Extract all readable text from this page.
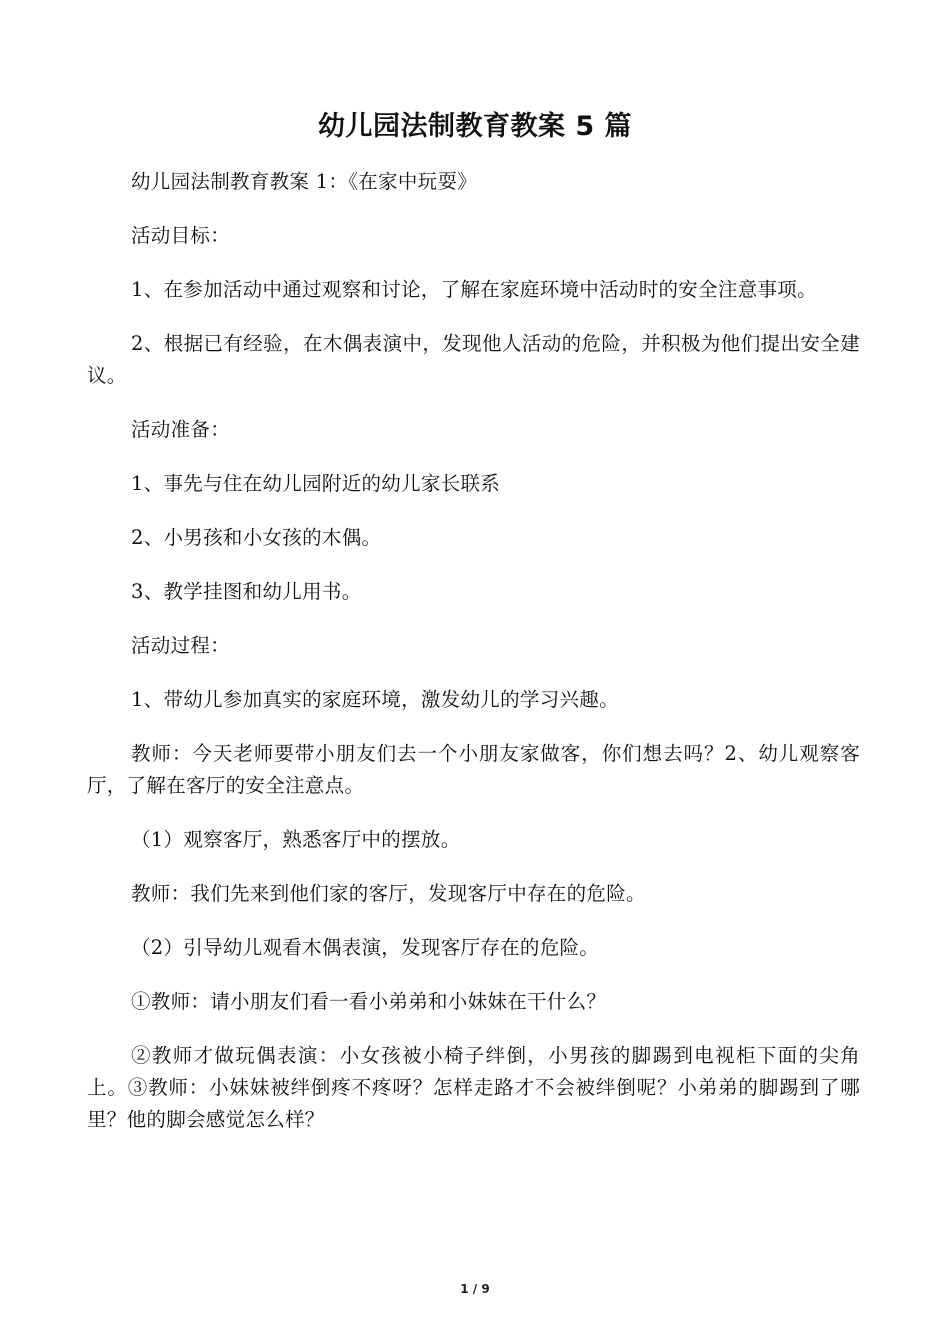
幼儿园法制教育教案 5 篇

幼儿园法制教育教案 1：《在家中玩耍》

活动目标：

1、在参加活动中通过观察和讨论，了解在家庭环境中活动时的安全注意事项。

2、根据已有经验，在木偶表演中，发现他人活动的危险，并积极为他们提出安全建议。

活动准备：

1、事先与住在幼儿园附近的幼儿家长联系

2、小男孩和小女孩的木偶。

3、教学挂图和幼儿用书。

活动过程：

1、带幼儿参加真实的家庭环境，激发幼儿的学习兴趣。

教师：今天老师要带小朋友们去一个小朋友家做客，你们想去吗？2、幼儿观察客厅，了解在客厅的安全注意点。

（1）观察客厅，熟悉客厅中的摆放。

教师：我们先来到他们家的客厅，发现客厅中存在的危险。

（2）引导幼儿观看木偶表演，发现客厅存在的危险。

①教师：请小朋友们看一看小弟弟和小妹妹在干什么？

②教师才做玩偶表演：小女孩被小椅子绊倒，小男孩的脚踢到电视柜下面的尖角上。③教师：小妹妹被绊倒疼不疼呀？怎样走路才不会被绊倒呢？小弟弟的脚踢到了哪里？他的脚会感觉怎么样？

1 / 9
